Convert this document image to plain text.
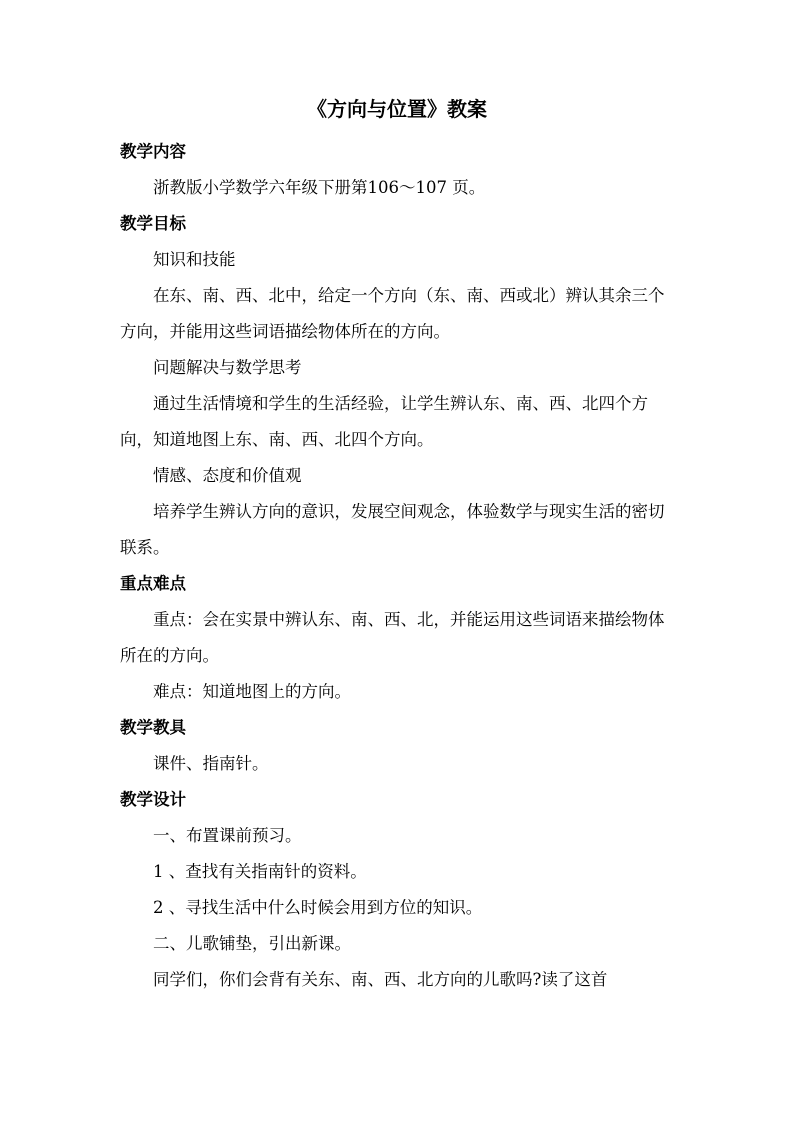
《方向与位置》教案
教学内容
浙教版小学数学六年级下册第106～107 页。
教学目标
知识和技能
在东、南、西、北中，给定一个方向（东、南、西或北）辨认其余三个方向，并能用这些词语描绘物体所在的方向。
问题解决与数学思考
通过生活情境和学生的生活经验，让学生辨认东、南、西、北四个方向，知道地图上东、南、西、北四个方向。
情感、态度和价值观
培养学生辨认方向的意识，发展空间观念，体验数学与现实生活的密切联系。
重点难点
重点：会在实景中辨认东、南、西、北，并能运用这些词语来描绘物体所在的方向。
难点：知道地图上的方向。
教学教具
课件、指南针。
教学设计
一、布置课前预习。
1 、查找有关指南针的资料。
2 、寻找生活中什么时候会用到方位的知识。
二、儿歌铺垫，引出新课。
同学们，你们会背有关东、南、西、北方向的儿歌吗?读了这首
